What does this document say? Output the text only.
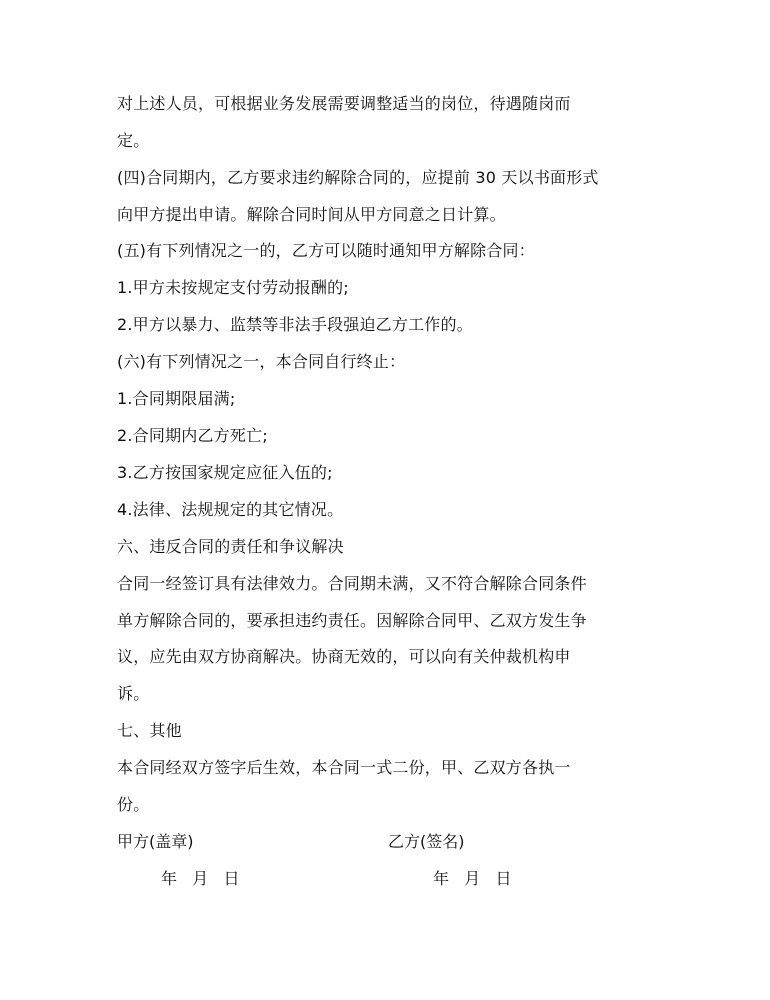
对上述人员，可根据业务发展需要调整适当的岗位，待遇随岗而
定。
(四)合同期内，乙方要求违约解除合同的，应提前 30 天以书面形式
向甲方提出申请。解除合同时间从甲方同意之日计算。
(五)有下列情况之一的，乙方可以随时通知甲方解除合同：
1.甲方未按规定支付劳动报酬的;
2.甲方以暴力、监禁等非法手段强迫乙方工作的。
(六)有下列情况之一，本合同自行终止：
1.合同期限届满;
2.合同期内乙方死亡;
3.乙方按国家规定应征入伍的;
4.法律、法规规定的其它情况。
六、违反合同的责任和争议解决
合同一经签订具有法律效力。合同期未满，又不符合解除合同条件
单方解除合同的，要承担违约责任。因解除合同甲、乙双方发生争
议，应先由双方协商解决。协商无效的，可以向有关仲裁机构申
诉。
七、其他
本合同经双方签字后生效，本合同一式二份，甲、乙双方各执一
份。
甲方(盖章)	乙方(签名)
年   月   日	年   月   日
